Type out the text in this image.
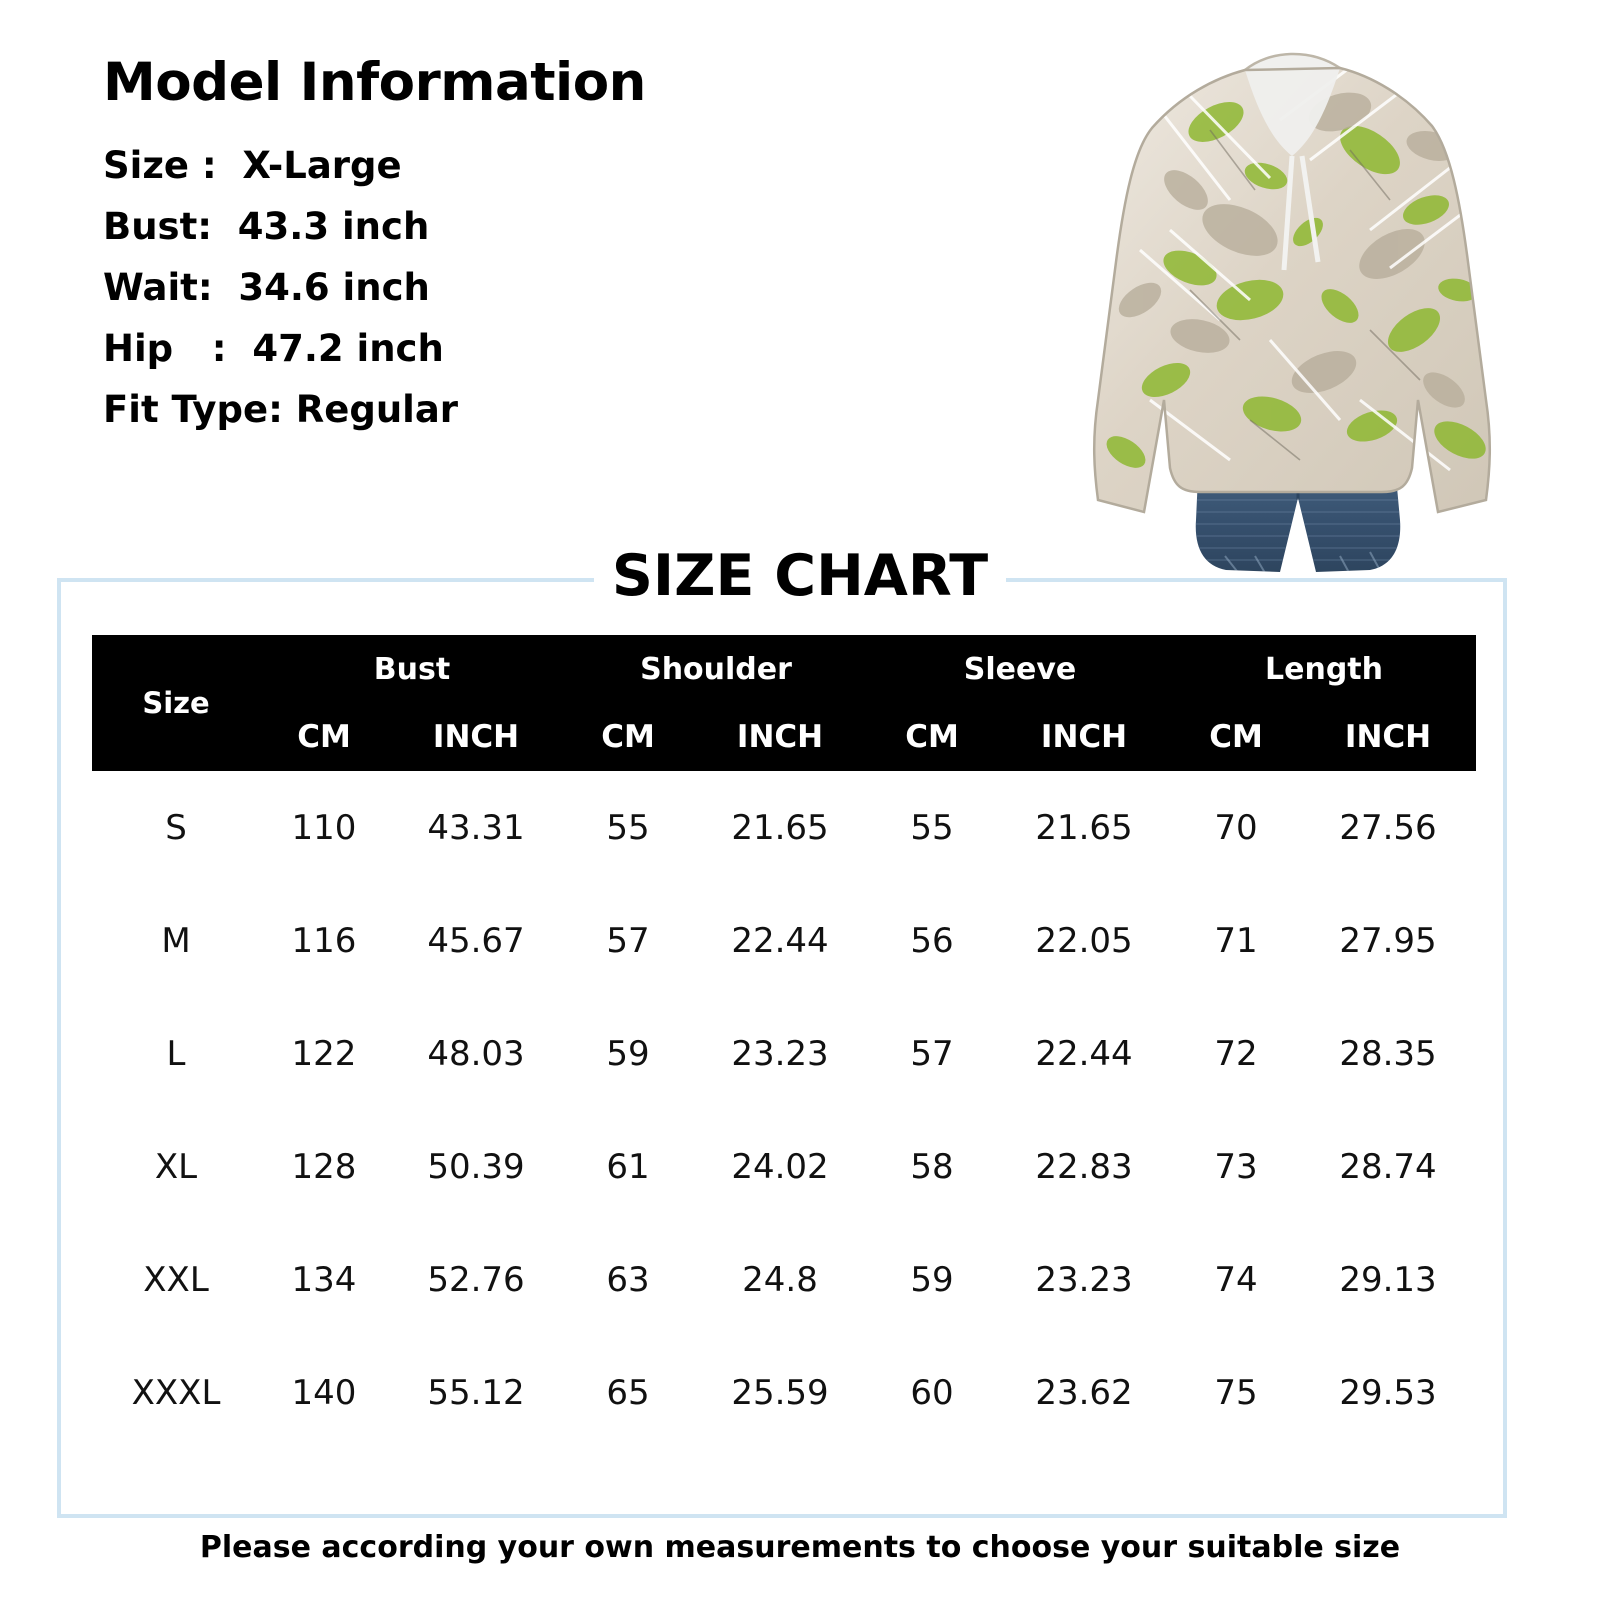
Model Information
Size :  X-Large
Bust:  43.3 inch
Wait:  34.6 inch
Hip   :  47.2 inch
Fit Type: Regular
Size	Bust		Shoulder		Sleeve		Length	
	CM	INCH	CM	INCH	CM	INCH	CM	INCH
S	110	43.31	55	21.65	55	21.65	70	27.56
M	116	45.67	57	22.44	56	22.05	71	27.95
L	122	48.03	59	23.23	57	22.44	72	28.35
XL	128	50.39	61	24.02	58	22.83	73	28.74
XXL	134	52.76	63	24.8	59	23.23	74	29.13
XXXL	140	55.12	65	25.59	60	23.62	75	29.53
SIZE CHART
Please according your own measurements to choose your suitable size
